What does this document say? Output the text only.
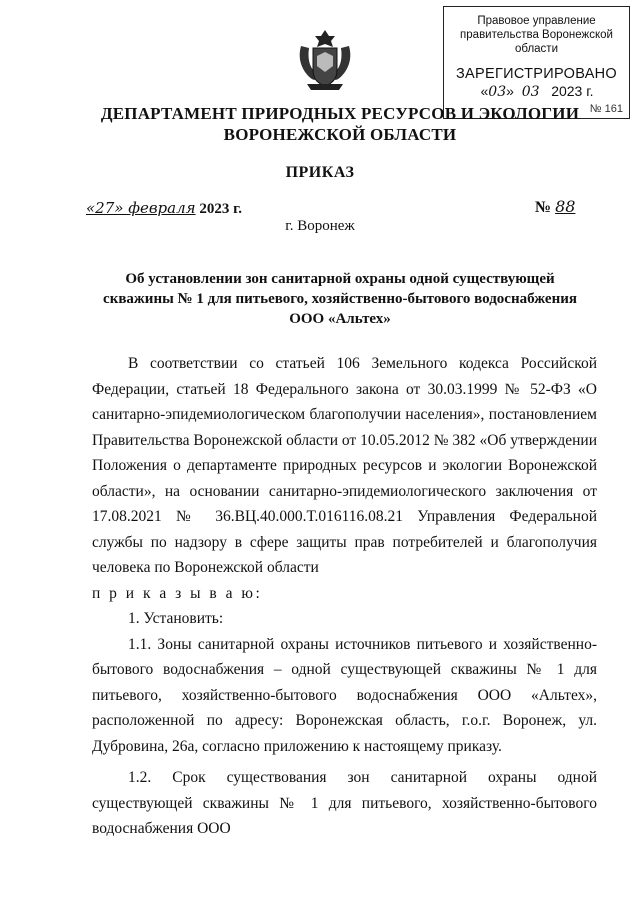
Правовое управление правительства Воронежской области
ЗАРЕГИСТРИРОВАНО
«03»  03 2023 г.
№ 161
ДЕПАРТАМЕНТ ПРИРОДНЫХ РЕСУРСОВ И ЭКОЛОГИИ
ВОРОНЕЖСКОЙ ОБЛАСТИ
ПРИКАЗ
«27» февраля 2023 г.	№ 88
г. Воронеж
Об установлении зон санитарной охраны одной существующей
скважины № 1 для питьевого, хозяйственно-бытового водоснабжения
ООО «Альтех»

В соответствии со статьей 106 Земельного кодекса Российской Федерации, статьей 18 Федерального закона от 30.03.1999 № 52-ФЗ «О санитарно-эпидемиологическом благополучии населения», постановлением Правительства Воронежской области от 10.05.2012 № 382 «Об утверждении Положения о департаменте природных ресурсов и экологии Воронежской области», на основании санитарно-эпидемиологического заключения от 17.08.2021 № 36.ВЦ.40.000.Т.016116.08.21 Управления Федеральной службы по надзору в сфере защиты прав потребителей и благополучия человека по Воронежской области

п р и к а з ы в а ю:

1. Установить:

1.1. Зоны санитарной охраны источников питьевого и хозяйственно-бытового водоснабжения – одной существующей скважины № 1 для питьевого, хозяйственно-бытового водоснабжения ООО «Альтех», расположенной по адресу: Воронежская область, г.о.г. Воронеж, ул. Дубровина, 26а, согласно приложению к настоящему приказу.

1.2. Срок существования зон санитарной охраны одной существующей скважины № 1 для питьевого, хозяйственно-бытового водоснабжения ООО
